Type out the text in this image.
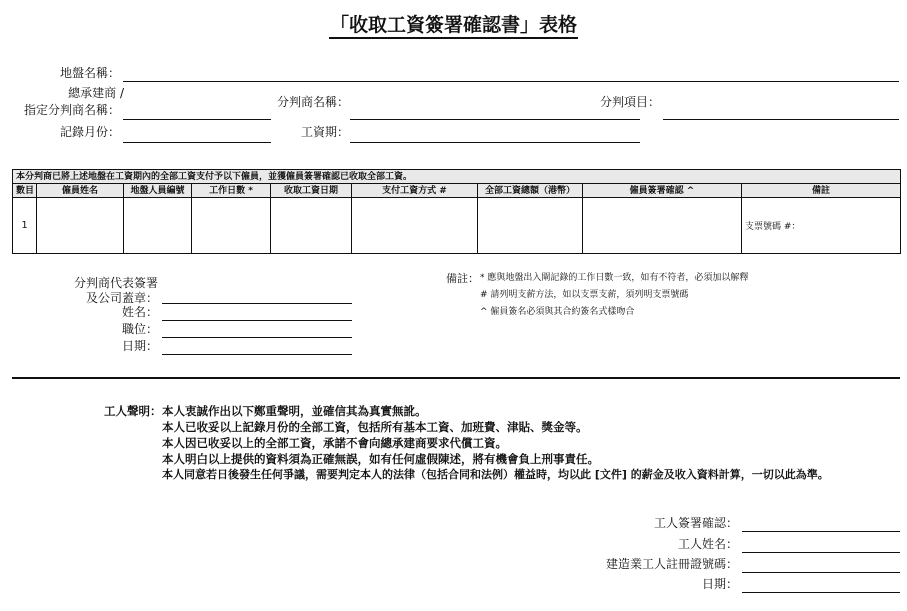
「收取工資簽署確認書」表格
地盤名稱：
總承建商 /
指定分判商名稱：
分判商名稱：	分判項目：
記錄月份：	工資期：
本分判商已將上述地盤在工資期內的全部工資支付予以下僱員，並獲僱員簽署確認已收取全部工資。								
數目	僱員姓名	地盤人員編號	工作日數 *	收取工資日期	支付工資方式 #	全部工資總額（港幣）	僱員簽署確認 ^	備註
1								支票號碼 #：
分判商代表簽署
及公司蓋章：
姓名：
職位：
日期：
備註： * 應與地盤出入閘記錄的工作日數一致，如有不符者，必須加以解釋
# 請列明支薪方法，如以支票支薪，須列明支票號碼
^ 僱員簽名必須與其合約簽名式樣吻合
工人聲明： 本人衷誠作出以下鄭重聲明，並確信其為真實無訛。
本人已收妥以上記錄月份的全部工資，包括所有基本工資、加班費、津貼、獎金等。
本人因已收妥以上的全部工資，承諾不會向總承建商要求代償工資。
本人明白以上提供的資料須為正確無誤，如有任何虛假陳述，將有機會負上刑事責任。
本人同意若日後發生任何爭議，需要判定本人的法律（包括合同和法例）權益時，均以此 [文件] 的薪金及收入資料計算，一切以此為準。
工人簽署確認：
工人姓名：
建造業工人註冊證號碼：
日期：
